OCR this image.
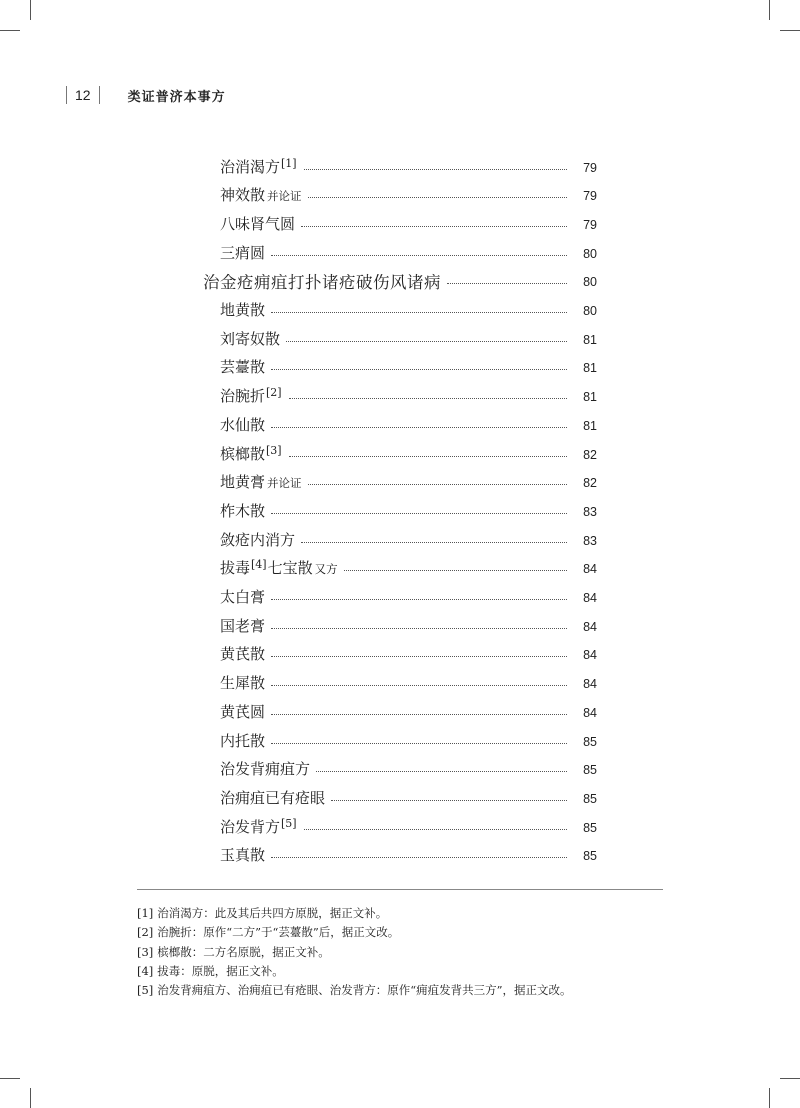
12	类证普济本事方
治消渴方[1]	79
神效散 并论证	79
八味肾气圆	79
三痟圆	80
治金疮痈疽打扑诸疮破伤风诸病	80
地黄散	80
刘寄奴散	81
芸薹散	81
治腕折[2]	81
水仙散	81
槟榔散[3]	82
地黄膏 并论证	82
柞木散	83
敛疮内消方	83
拔毒[4]七宝散 又方	84
太白膏	84
国老膏	84
黄芪散	84
生犀散	84
黄芪圆	84
内托散	85
治发背痈疽方	85
治痈疽已有疮眼	85
治发背方[5]	85
玉真散	85
[1] 治消渴方：此及其后共四方原脱，据正文补。
[2] 治腕折：原作“二方”于“芸薹散”后，据正文改。
[3] 槟榔散：二方名原脱，据正文补。
[4] 拔毒：原脱，据正文补。
[5] 治发背痈疽方、治痈疽已有疮眼、治发背方：原作“痈疽发背共三方”，据正文改。
